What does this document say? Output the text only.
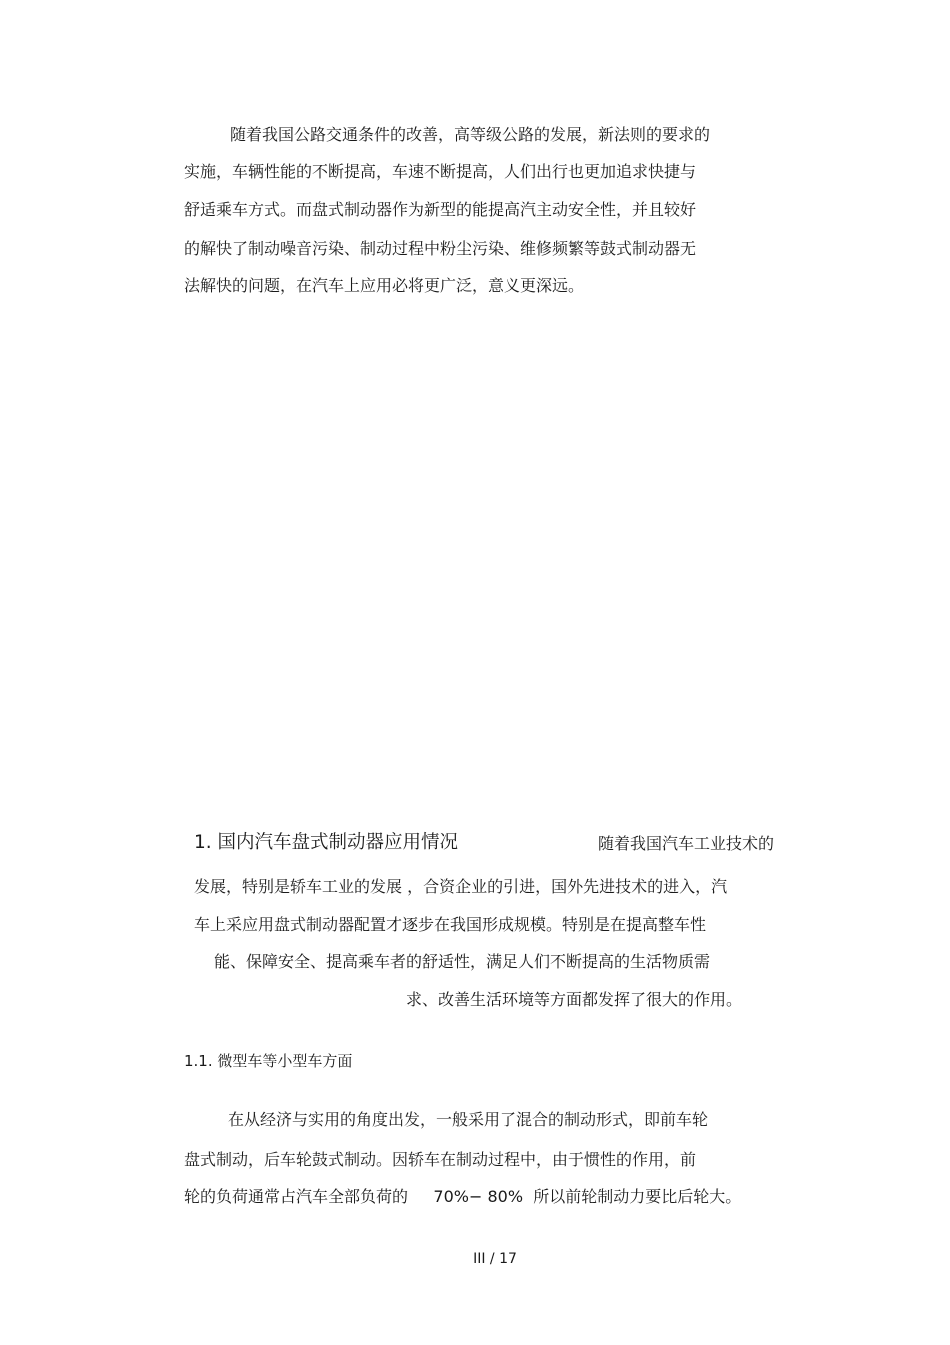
随着我国公路交通条件的改善，高等级公路的发展，新法则的要求的
实施，车辆性能的不断提高，车速不断提高，人们出行也更加追求快捷与
舒适乘车方式。而盘式制动器作为新型的能提高汽主动安全性，并且较好
的解快了制动噪音污染、制动过程中粉尘污染、维修频繁等鼓式制动器无
法解快的问题，在汽车上应用必将更广泛，意义更深远。
1. 国内汽车盘式制动器应用情况	随着我国汽车工业技术的
发展，特别是轿车工业的发展 ，合资企业的引进，国外先进技术的进入，汽
车上采应用盘式制动器配置才逐步在我国形成规模。特别是在提高整车性
能、保障安全、提高乘车者的舒适性，满足人们不断提高的生活物质需
求、改善生活环境等方面都发挥了很大的作用。
1.1. 微型车等小型车方面
在从经济与实用的角度出发，一般采用了混合的制动形式，即前车轮
盘式制动，后车轮鼓式制动。因轿车在制动过程中，由于惯性的作用，前
轮的负荷通常占汽车全部负荷的     70%− 80%  所以前轮制动力要比后轮大。
III / 17
